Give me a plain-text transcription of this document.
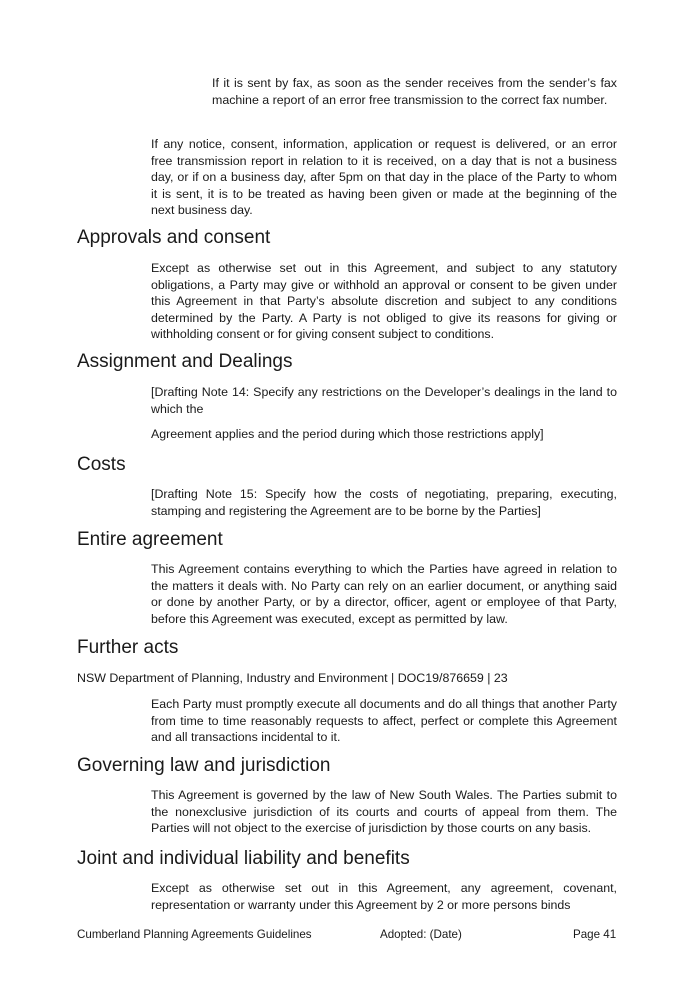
If it is sent by fax, as soon as the sender receives from the sender’s fax machine a report of an error free transmission to the correct fax number.

If any notice, consent, information, application or request is delivered, or an error free transmission report in relation to it is received, on a day that is not a business day, or if on a business day, after 5pm on that day in the place of the Party to whom it is sent, it is to be treated as having been given or made at the beginning of the next business day.

Approvals and consent

Except as otherwise set out in this Agreement, and subject to any statutory obligations, a Party may give or withhold an approval or consent to be given under this Agreement in that Party’s absolute discretion and subject to any conditions determined by the Party. A Party is not obliged to give its reasons for giving or withholding consent or for giving consent subject to conditions.

Assignment and Dealings

[Drafting Note 14: Specify any restrictions on the Developer’s dealings in the land to which the

Agreement applies and the period during which those restrictions apply]

Costs

[Drafting Note 15: Specify how the costs of negotiating, preparing, executing, stamping and registering the Agreement are to be borne by the Parties]

Entire agreement

This Agreement contains everything to which the Parties have agreed in relation to the matters it deals with. No Party can rely on an earlier document, or anything said or done by another Party, or by a director, officer, agent or employee of that Party, before this Agreement was executed, except as permitted by law.

Further acts

NSW Department of Planning, Industry and Environment | DOC19/876659 | 23

Each Party must promptly execute all documents and do all things that another Party from time to time reasonably requests to affect, perfect or complete this Agreement and all transactions incidental to it.

Governing law and jurisdiction

This Agreement is governed by the law of New South Wales. The Parties submit to the nonexclusive jurisdiction of its courts and courts of appeal from them. The Parties will not object to the exercise of jurisdiction by those courts on any basis.

Joint and individual liability and benefits

Except as otherwise set out in this Agreement, any agreement, covenant, representation or warranty under this Agreement by 2 or more persons binds

Cumberland Planning Agreements Guidelines	Adopted: (Date)	Page 41
